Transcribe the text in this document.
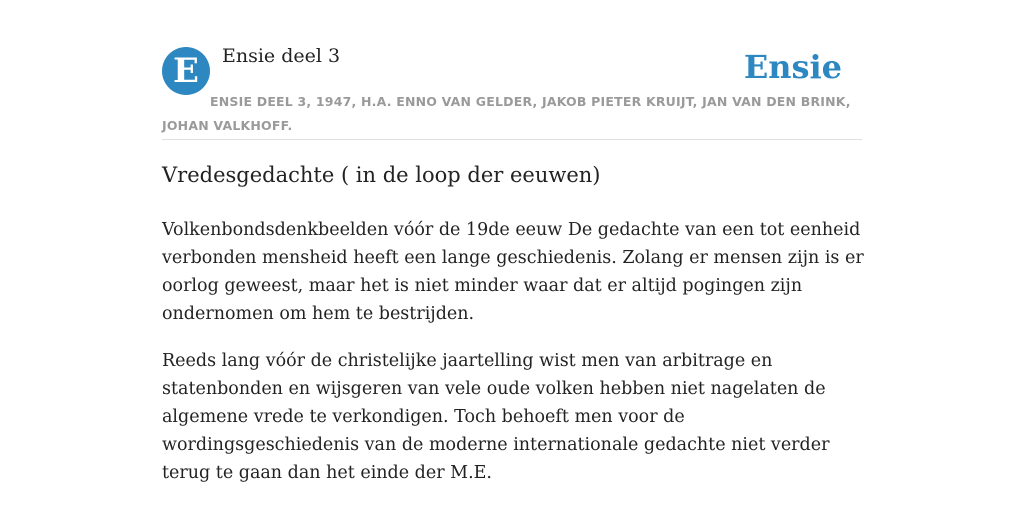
E	Ensie deel 3	Ensie
ENSIE DEEL 3, 1947, H.A. ENNO VAN GELDER, JAKOB PIETER KRUIJT, JAN VAN DEN BRINK, JOHAN VALKHOFF.
Vredesgedachte ( in de loop der eeuwen)

Volkenbondsdenkbeelden vóór de 19de eeuw De gedachte van een tot eenheid verbonden mensheid heeft een lange geschiedenis. Zolang er mensen zijn is er oorlog geweest, maar het is niet minder waar dat er altijd pogingen zijn ondernomen om hem te bestrijden.

Reeds lang vóór de christelijke jaartelling wist men van arbitrage en statenbonden en wijsgeren van vele oude volken hebben niet nagelaten de algemene vrede te verkondigen. Toch behoeft men voor de wordingsgeschiedenis van de moderne internationale gedachte niet verder terug te gaan dan het einde der M.E.
